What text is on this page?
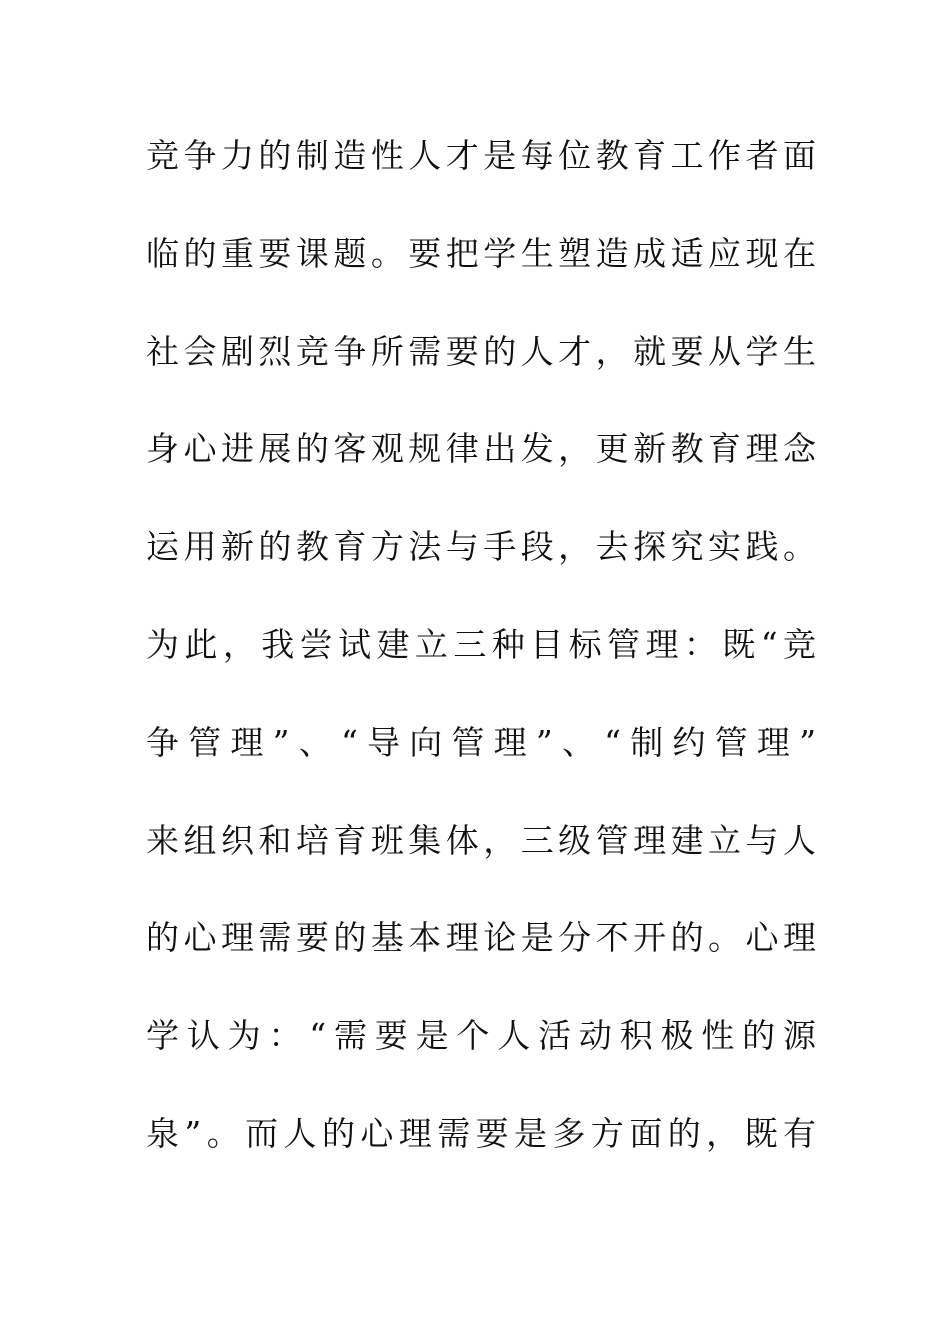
竞争力的制造性人才是每位教育工作者面
临的重要课题。要把学生塑造成适应现在
社会剧烈竞争所需要的人才，就要从学生
身心进展的客观规律出发，更新教育理念
运用新的教育方法与手段，去探究实践。
为此，我尝试建立三种目标管理：既“竞
争管理”、“导向管理”、“制约管理”
来组织和培育班集体，三级管理建立与人
的心理需要的基本理论是分不开的。心理
学认为：“需要是个人活动积极性的源
泉”。而人的心理需要是多方面的，既有
